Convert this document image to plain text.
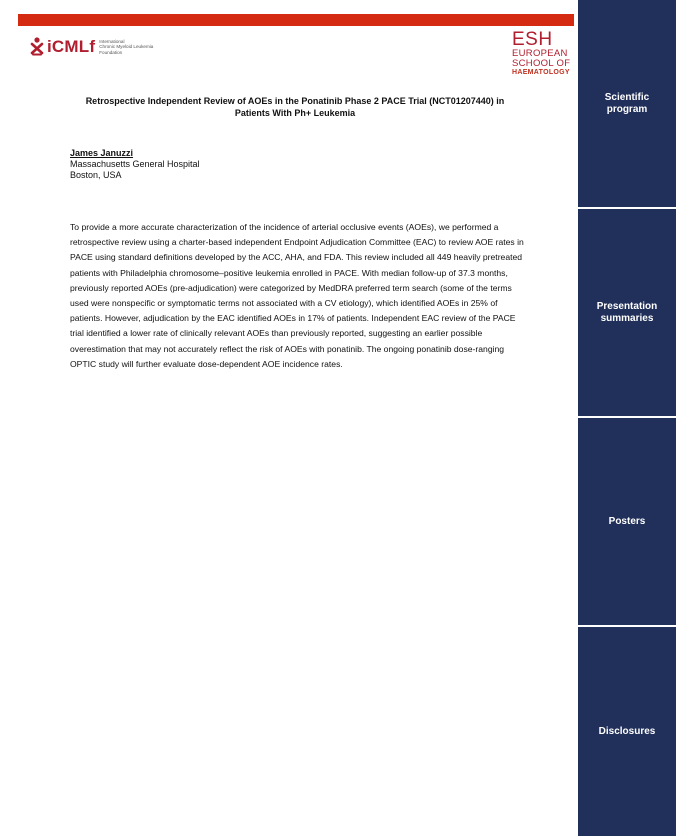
iCMLf International
Chronic Myeloid Leukemia
Foundation
ESH
EUROPEAN
SCHOOL OF
HAEMATOLOGY
Retrospective Independent Review of AOEs in the Ponatinib Phase 2 PACE Trial (NCT01207440) in Patients With Ph+ Leukemia
James Januzzi
Massachusetts General Hospital
Boston, USA

To provide a more accurate characterization of the incidence of arterial occlusive events (AOEs), we performed a retrospective review using a charter-based independent Endpoint Adjudication Committee (EAC) to review AOE rates in PACE using standard definitions developed by the ACC, AHA, and FDA. This review included all 449 heavily pretreated patients with Philadelphia chromosome–positive leukemia enrolled in PACE. With median follow-up of 37.3 months, previously reported AOEs (pre-adjudication) were categorized by MedDRA preferred term search (some of the terms used were nonspecific or symptomatic terms not associated with a CV etiology), which identified AOEs in 25% of patients. However, adjudication by the EAC identified AOEs in 17% of patients. Independent EAC review of the PACE trial identified a lower rate of clinically relevant AOEs than previously reported, suggesting an earlier possible overestimation that may not accurately reflect the risk of AOEs with ponatinib. The ongoing ponatinib dose-ranging OPTIC study will further evaluate dose-dependent AOE incidence rates.

Scientific program
Presentation summaries
Posters
Disclosures
